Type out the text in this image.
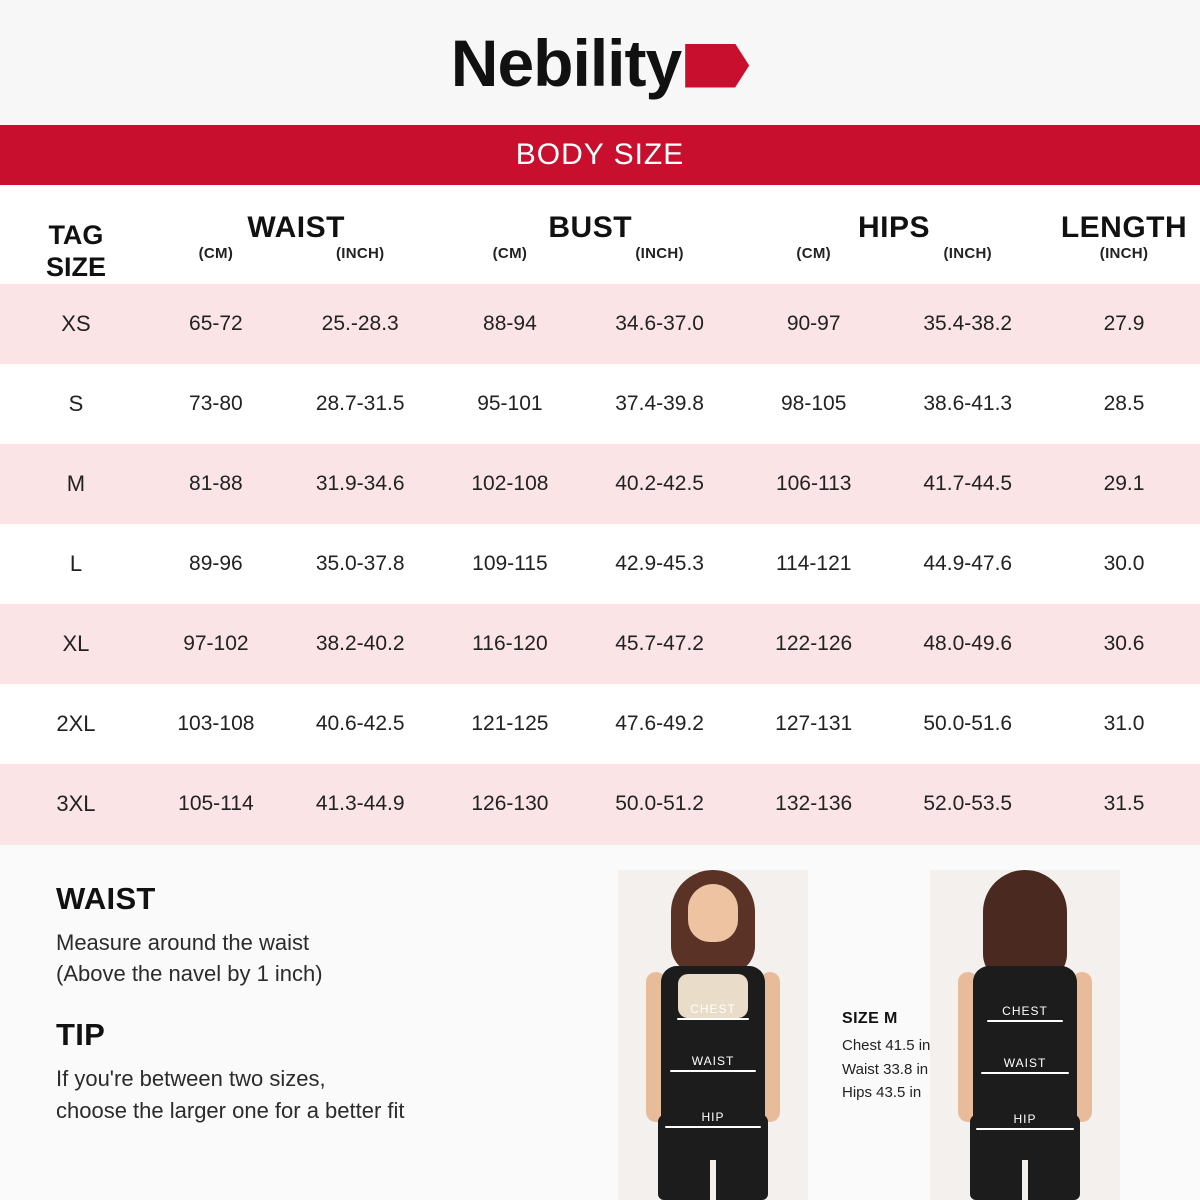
Nebility
BODY SIZE
TAG
SIZE	WAIST		BUST		HIPS		LENGTH

	(CM)	(INCH)	(CM)	(INCH)	(CM)	(INCH)	(INCH)
XS	65-72	25.-28.3	88-94	34.6-37.0	90-97	35.4-38.2	27.9
S	73-80	28.7-31.5	95-101	37.4-39.8	98-105	38.6-41.3	28.5
M	81-88	31.9-34.6	102-108	40.2-42.5	106-113	41.7-44.5	29.1
L	89-96	35.0-37.8	109-115	42.9-45.3	114-121	44.9-47.6	30.0
XL	97-102	38.2-40.2	116-120	45.7-47.2	122-126	48.0-49.6	30.6
2XL	103-108	40.6-42.5	121-125	47.6-49.2	127-131	50.0-51.6	31.0
3XL	105-114	41.3-44.9	126-130	50.0-51.2	132-136	52.0-53.5	31.5
WAIST
Measure around the waist
(Above the navel by 1 inch)
TIP
If you're between two sizes,
choose the larger one for a better fit
CHEST
WAIST
HIP
SIZE M
Chest 41.5 in
Waist 33.8 in
Hips 43.5 in
CHEST
WAIST
HIP
